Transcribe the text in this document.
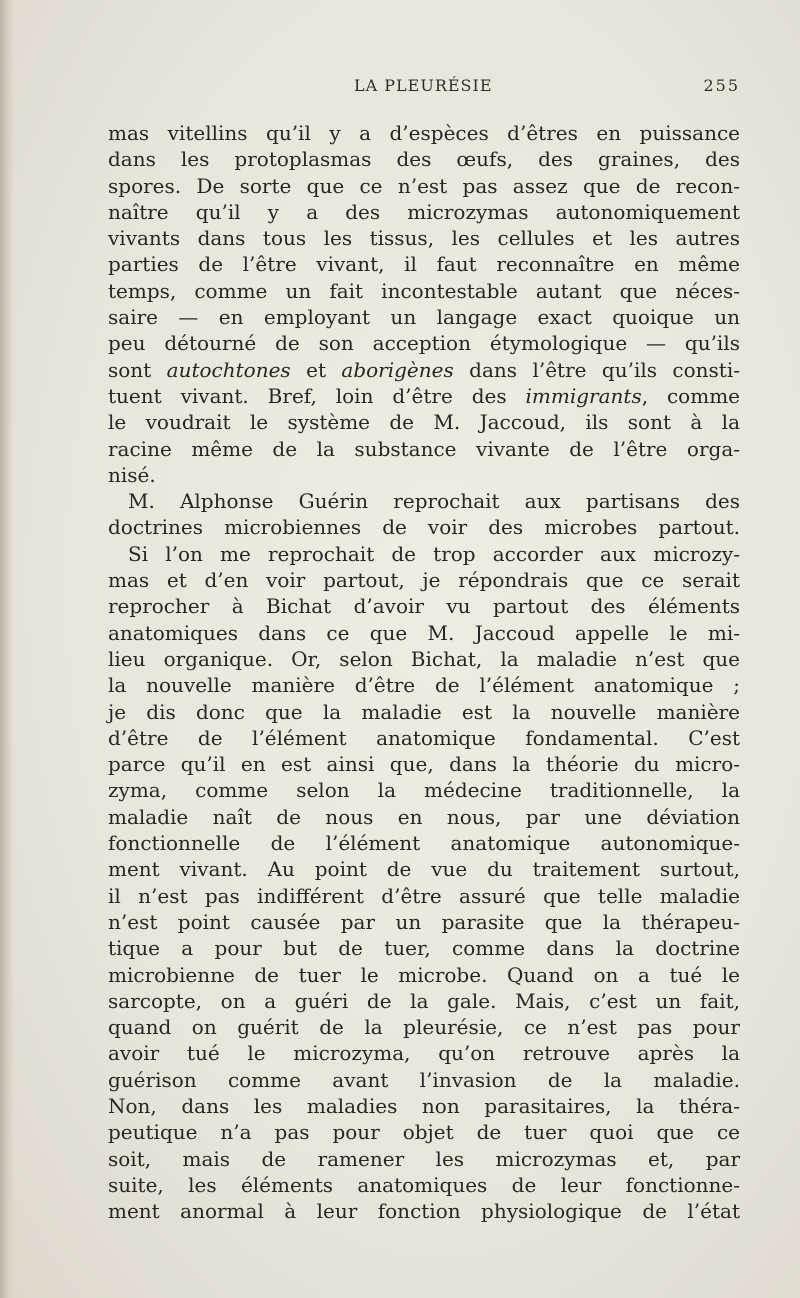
LA PLEURÉSIE	255
mas vitellins qu’il y a d’espèces d’êtres en puissance
dans les protoplasmas des œufs, des graines, des
spores. De sorte que ce n’est pas assez que de recon-
naître qu’il y a des microzymas autonomiquement
vivants dans tous les tissus, les cellules et les autres
parties de l’être vivant, il faut reconnaître en même
temps, comme un fait incontestable autant que néces-
saire — en employant un langage exact quoique un
peu détourné de son acception étymologique — qu’ils
sont autochtones et aborigènes dans l’être qu’ils consti-
tuent vivant. Bref, loin d’être des immigrants, comme
le voudrait le système de M. Jaccoud, ils sont à la
racine même de la substance vivante de l’être orga-
nisé.
M. Alphonse Guérin reprochait aux partisans des
doctrines microbiennes de voir des microbes partout.
Si l’on me reprochait de trop accorder aux microzy-
mas et d’en voir partout, je répondrais que ce serait
reprocher à Bichat d’avoir vu partout des éléments
anatomiques dans ce que M. Jaccoud appelle le mi-
lieu organique. Or, selon Bichat, la maladie n’est que
la nouvelle manière d’être de l’élément anatomique ;
je dis donc que la maladie est la nouvelle manière
d’être de l’élément anatomique fondamental. C’est
parce qu’il en est ainsi que, dans la théorie du micro-
zyma, comme selon la médecine traditionnelle, la
maladie naît de nous en nous, par une déviation
fonctionnelle de l’élément anatomique autonomique-
ment vivant. Au point de vue du traitement surtout,
il n’est pas indifférent d’être assuré que telle maladie
n’est point causée par un parasite que la thérapeu-
tique a pour but de tuer, comme dans la doctrine
microbienne de tuer le microbe. Quand on a tué le
sarcopte, on a guéri de la gale. Mais, c’est un fait,
quand on guérit de la pleurésie, ce n’est pas pour
avoir tué le microzyma, qu’on retrouve après la
guérison comme avant l’invasion de la maladie.
Non, dans les maladies non parasitaires, la théra-
peutique n’a pas pour objet de tuer quoi que ce
soit, mais de ramener les microzymas et, par
suite, les éléments anatomiques de leur fonctionne-
ment anormal à leur fonction physiologique de l’état
